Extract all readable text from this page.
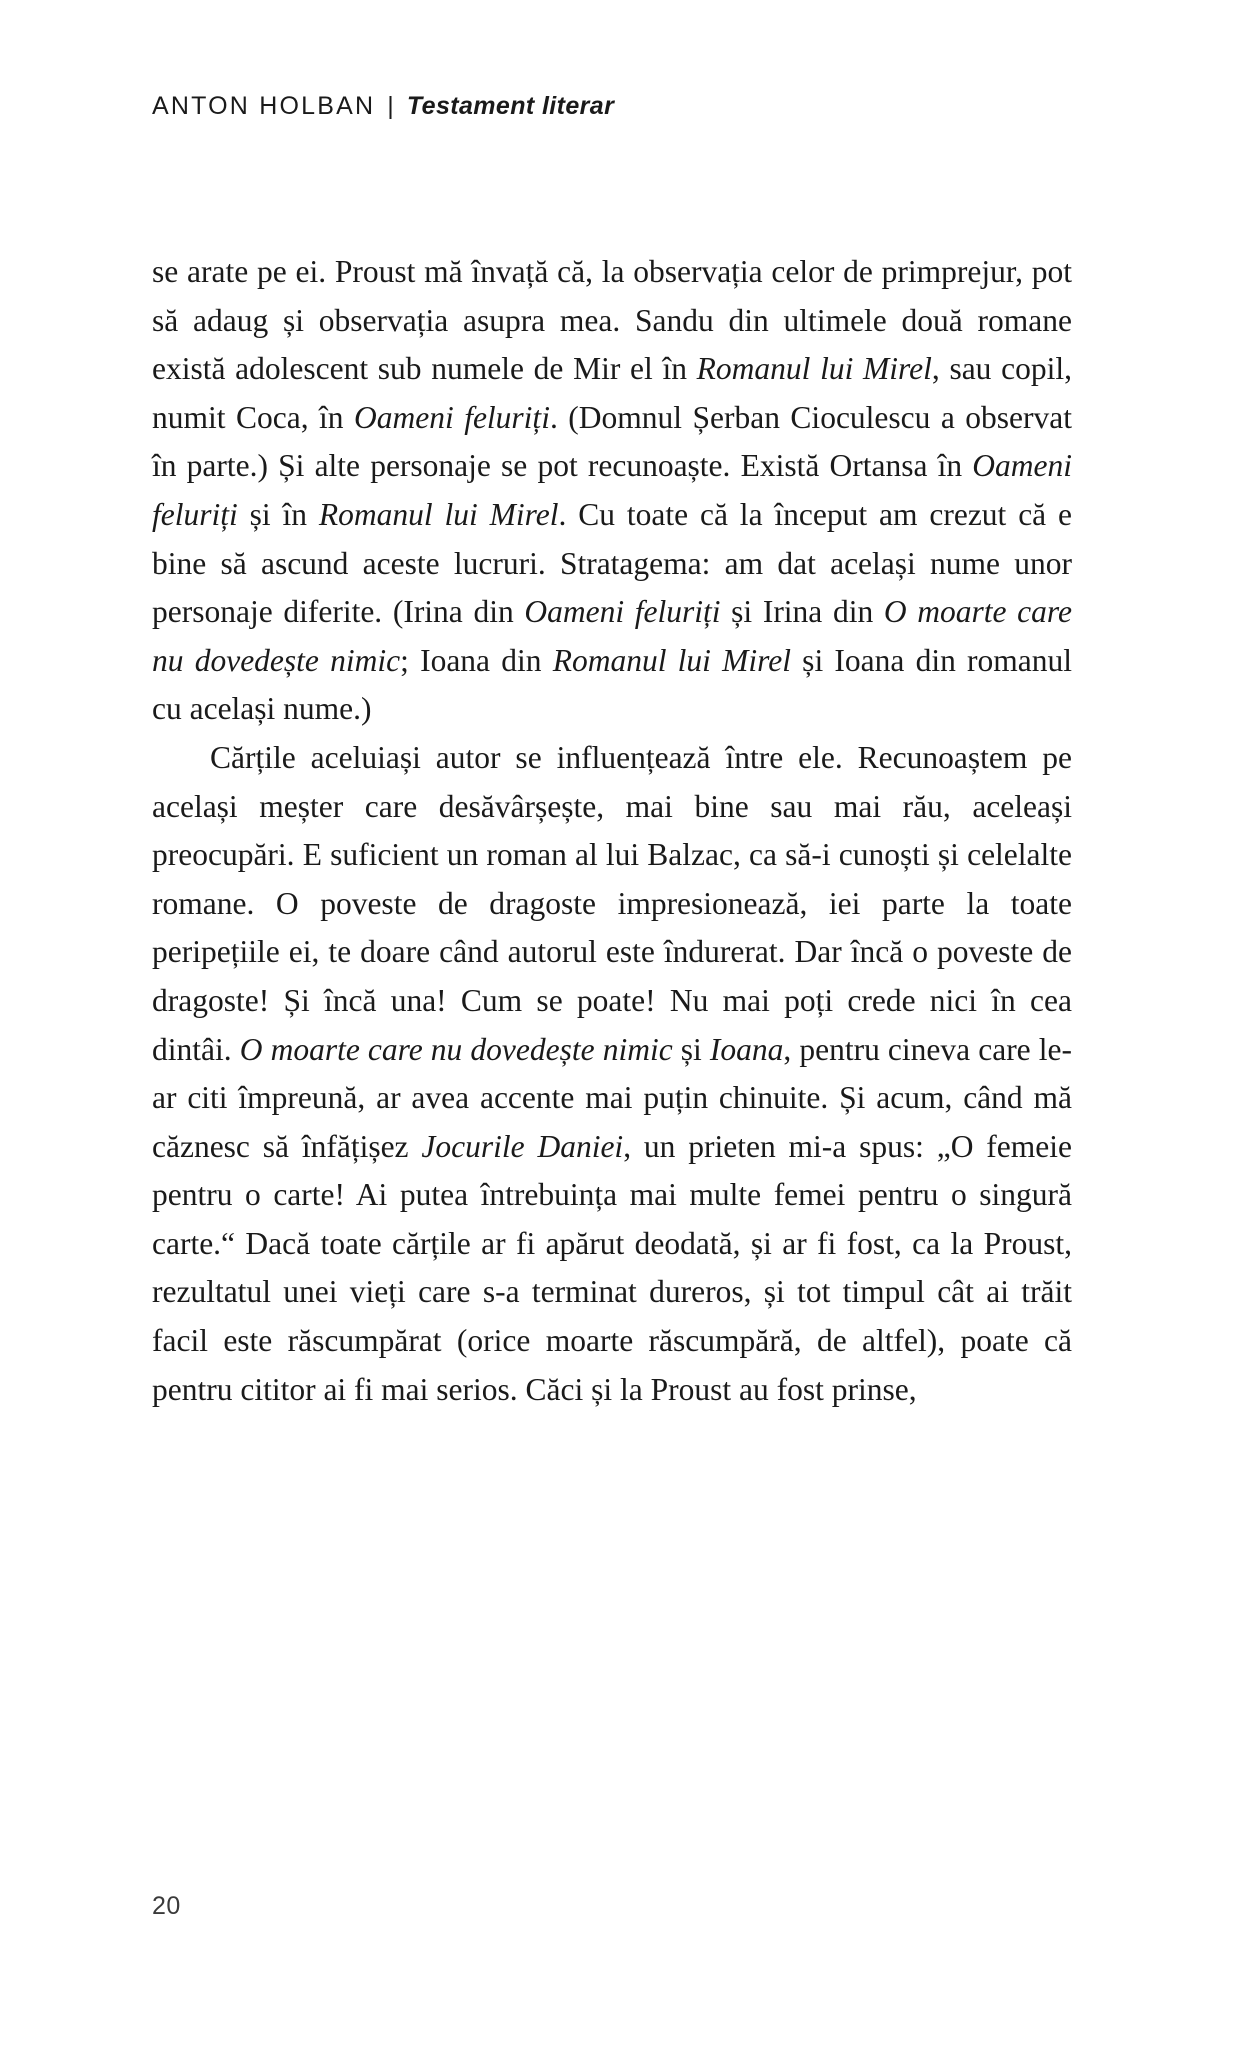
ANTON HOLBAN | Testament literar

se arate pe ei. Proust mă învață că, la observația celor de primprejur, pot să adaug și observația asupra mea. Sandu din ultimele două romane există adolescent sub numele de Mir el în Romanul lui Mirel, sau copil, numit Coca, în Oameni feluriți. (Domnul Șerban Cioculescu a observat în parte.) Și alte personaje se pot recunoaște. Există Ortansa în Oameni feluriți și în Romanul lui Mirel. Cu toate că la început am crezut că e bine să ascund aceste lucruri. Stratagema: am dat același nume unor personaje diferite. (Irina din Oameni feluriți și Irina din O moarte care nu dovedește nimic; Ioana din Romanul lui Mirel și Ioana din romanul cu același nume.)

Cărțile aceluiași autor se influențează între ele. Recunoaștem pe același meșter care desăvârșește, mai bine sau mai rău, aceleași preocupări. E suficient un roman al lui Balzac, ca să-i cunoști și celelalte romane. O poveste de dragoste impresionează, iei parte la toate peripețiile ei, te doare când autorul este îndurerat. Dar încă o poveste de dragoste! Și încă una! Cum se poate! Nu mai poți crede nici în cea dintâi. O moarte care nu dovedește nimic și Ioana, pentru cineva care le-ar citi împreună, ar avea accente mai puțin chinuite. Și acum, când mă căznesc să înfățișez Jocurile Daniei, un prieten mi-a spus: „O femeie pentru o carte! Ai putea întrebuința mai multe femei pentru o singură carte.“ Dacă toate cărțile ar fi apărut deodată, și ar fi fost, ca la Proust, rezultatul unei vieți care s-a terminat dureros, și tot timpul cât ai trăit facil este răscumpărat (orice moarte răscumpără, de altfel), poate că pentru cititor ai fi mai serios. Căci și la Proust au fost prinse,

20
